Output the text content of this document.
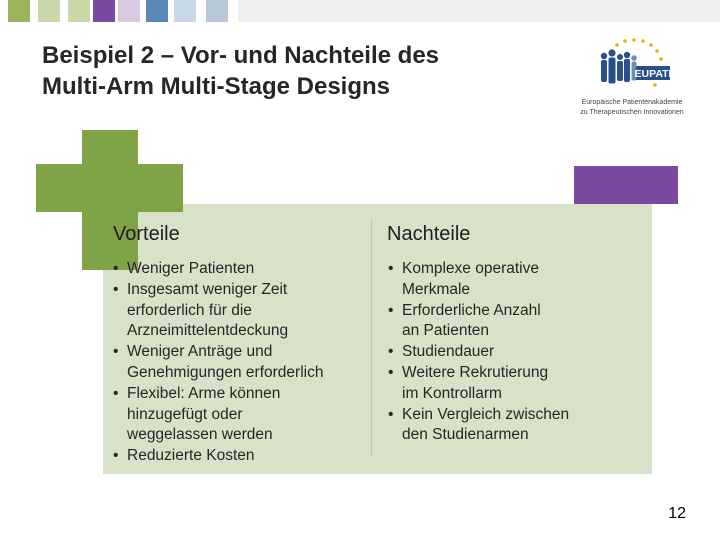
Beispiel 2 – Vor- und Nachteile des
Multi-Arm Multi-Stage Designs	EUPATI
Europäische Patientenakademie
zu Therapeutischen Innovationen
Vorteile	Nachteile
• Weniger Patienten
• Insgesamt weniger Zeit
erforderlich für die
Arzneimittelentdeckung
• Weniger Anträge und
Genehmigungen erforderlich
• Flexibel: Arme können
hinzugefügt oder
weggelassen werden
• Reduzierte Kosten
• Komplexe operative
Merkmale
• Erforderliche Anzahl
an Patienten
• Studiendauer
• Weitere Rekrutierung
im Kontrollarm
• Kein Vergleich zwischen
den Studienarmen
12
